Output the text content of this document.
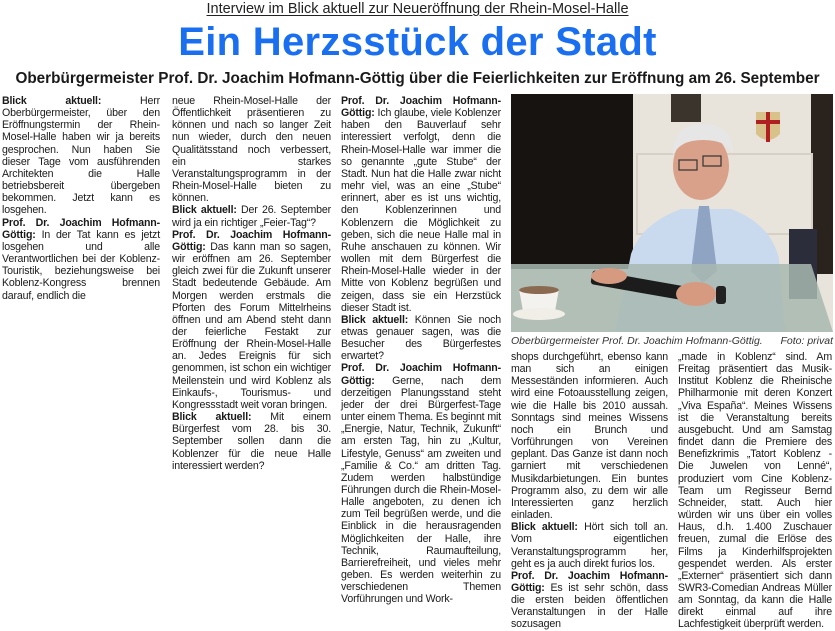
Interview im Blick aktuell zur Neueröffnung der Rhein-Mosel-Halle
Ein Herzsstück der Stadt
Oberbürgermeister Prof. Dr. Joachim Hofmann-Göttig über die Feierlichkeiten zur Eröffnung am 26. September

Blick aktuell: Herr Oberbürgermeister, über den Eröffnungstermin der Rhein-Mosel-Halle haben wir ja bereits gesprochen. Nun haben Sie dieser Tage vom ausführenden Architekten die Halle betriebsbereit übergeben bekommen. Jetzt kann es losgehen.

Prof. Dr. Joachim Hofmann-Göttig: In der Tat kann es jetzt losgehen und alle Verantwortlichen bei der Koblenz-Touristik, beziehungsweise bei Koblenz-Kongress brennen darauf, endlich die

neue Rhein-Mosel-Halle der Öffentlichkeit präsentieren zu können und nach so langer Zeit nun wieder, durch den neuen Qualitätsstand noch verbessert, ein starkes Veranstaltungsprogramm in der Rhein-Mosel-Halle bieten zu können.

Blick aktuell: Der 26. September wird ja ein richtiger „Feier-Tag“?

Prof. Dr. Joachim Hofmann-Göttig: Das kann man so sagen, wir eröffnen am 26. September gleich zwei für die Zukunft unserer Stadt bedeutende Gebäude. Am Morgen werden erstmals die Pforten des Forum Mittelrheins öffnen und am Abend steht dann der feierliche Festakt zur Eröffnung der Rhein-Mosel-Halle an. Jedes Ereignis für sich genommen, ist schon ein wichtiger Meilenstein und wird Koblenz als Einkaufs-, Tourismus- und Kongressstadt weit voran bringen.

Blick aktuell: Mit einem Bürgerfest vom 28. bis 30. September sollen dann die Koblenzer für die neue Halle interessiert werden?

Prof. Dr. Joachim Hofmann-Göttig: Ich glaube, viele Koblenzer haben den Bauverlauf sehr interessiert verfolgt, denn die Rhein-Mosel-Halle war immer die so genannte „gute Stube“ der Stadt. Nun hat die Halle zwar nicht mehr viel, was an eine „Stube“ erinnert, aber es ist uns wichtig, den Koblenzerinnen und Koblenzern die Möglichkeit zu geben, sich die neue Halle mal in Ruhe anschauen zu können. Wir wollen mit dem Bürgerfest die Rhein-Mosel-Halle wieder in der Mitte von Koblenz begrüßen und zeigen, dass sie ein Herzstück dieser Stadt ist.

Blick aktuell: Können Sie noch etwas genauer sagen, was die Besucher des Bürgerfestes erwartet?

Prof. Dr. Joachim Hofmann-Göttig: Gerne, nach dem derzeitigen Planungsstand steht jeder der drei Bürgerfest-Tage unter einem Thema. Es beginnt mit „Energie, Natur, Technik, Zukunft“ am ersten Tag, hin zu „Kultur, Lifestyle, Genuss“ am zweiten und „Familie & Co.“ am dritten Tag. Zudem werden halbstündige Führungen durch die Rhein-Mosel-Halle angeboten, zu denen ich zum Teil begrüßen werde, und die Einblick in die herausragenden Möglichkeiten der Halle, ihre Technik, Raumaufteilung, Barrierefreiheit, und vieles mehr geben. Es werden weiterhin zu verschiedenen Themen Vorführungen und Work-

shops durchgeführt, ebenso kann man sich an einigen Messeständen informieren. Auch wird eine Fotoausstellung zeigen, wie die Halle bis 2010 aussah. Sonntags sind meines Wissens noch ein Brunch und Vorführungen von Vereinen geplant. Das Ganze ist dann noch garniert mit verschiedenen Musikdarbietungen. Ein buntes Programm also, zu dem wir alle Interessierten ganz herzlich einladen.

Blick aktuell: Hört sich toll an. Vom eigentlichen Veranstaltungsprogramm her, geht es ja auch direkt furios los.

Prof. Dr. Joachim Hofmann-Göttig: Es ist sehr schön, dass die ersten beiden öffentlichen Veranstaltungen in der Halle sozusagen

„made in Koblenz“ sind. Am Freitag präsentiert das Musik-Institut Koblenz die Rheinische Philharmonie mit deren Konzert „Viva España“. Meines Wissens ist die Veranstaltung bereits ausgebucht. Und am Samstag findet dann die Premiere des Benefizkrimis „Tatort Koblenz - Die Juwelen von Lenné“, produziert vom Cine Koblenz-Team um Regisseur Bernd Schneider, statt. Auch hier würden wir uns über ein volles Haus, d.h. 1.400 Zuschauer freuen, zumal die Erlöse des Films ja Kinderhilfsprojekten gespendet werden. Als erster „Externer“ präsentiert sich dann SWR3-Comedian Andreas Müller am Sonntag, da kann die Halle direkt einmal auf ihre Lachfestigkeit überprüft werden.

Oberbürgermeister Prof. Dr. Joachim Hofmann-Göttig. Foto: privat
